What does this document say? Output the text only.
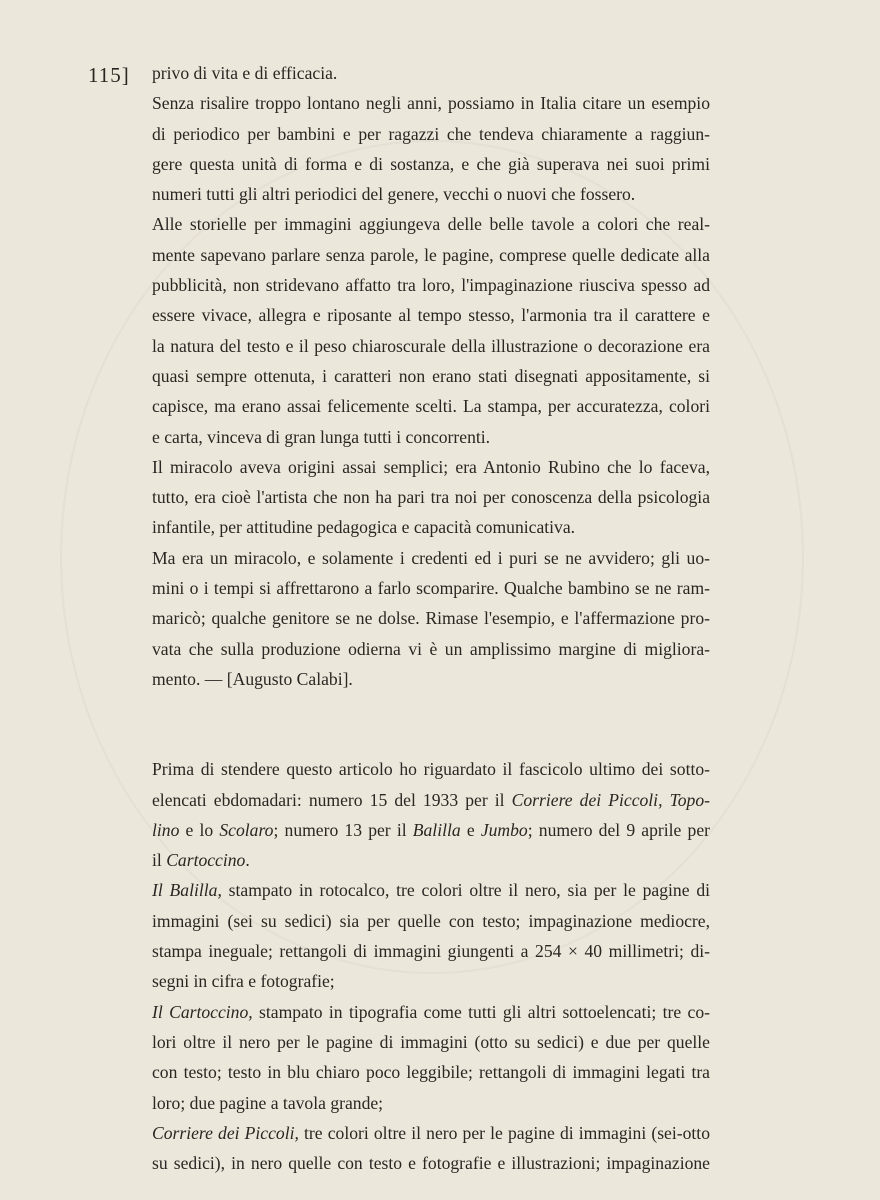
115] privo di vita e di efficacia.

Senza risalire troppo lontano negli anni, possiamo in Italia citare un esempio
di periodico per bambini e per ragazzi che tendeva chiaramente a raggiun-
gere questa unità di forma e di sostanza, e che già superava nei suoi primi
numeri tutti gli altri periodici del genere, vecchi o nuovi che fossero.

Alle storielle per immagini aggiungeva delle belle tavole a colori che real-
mente sapevano parlare senza parole, le pagine, comprese quelle dedicate alla
pubblicità, non stridevano affatto tra loro, l'impaginazione riusciva spesso ad
essere vivace, allegra e riposante al tempo stesso, l'armonia tra il carattere e
la natura del testo e il peso chiaroscurale della illustrazione o decorazione era
quasi sempre ottenuta, i caratteri non erano stati disegnati appositamente, si
capisce, ma erano assai felicemente scelti. La stampa, per accuratezza, colori
e carta, vinceva di gran lunga tutti i concorrenti.

Il miracolo aveva origini assai semplici; era Antonio Rubino che lo faceva,
tutto, era cioè l'artista che non ha pari tra noi per conoscenza della psicologia
infantile, per attitudine pedagogica e capacità comunicativa.

Ma era un miracolo, e solamente i credenti ed i puri se ne avvidero; gli uo-
mini o i tempi si affrettarono a farlo scomparire. Qualche bambino se ne ram-
maricò; qualche genitore se ne dolse. Rimase l'esempio, e l'affermazione pro-
vata che sulla produzione odierna vi è un amplissimo margine di migliora-
mento. — [Augusto Calabi].

Prima di stendere questo articolo ho riguardato il fascicolo ultimo dei sotto-
elencati ebdomadari: numero 15 del 1933 per il Corriere dei Piccoli, Topo-
lino e lo Scolaro; numero 13 per il Balilla e Jumbo; numero del 9 aprile per
il Cartoccino.

Il Balilla, stampato in rotocalco, tre colori oltre il nero, sia per le pagine di
immagini (sei su sedici) sia per quelle con testo; impaginazione mediocre,
stampa ineguale; rettangoli di immagini giungenti a 254 × 40 millimetri; di-
segni in cifra e fotografie;

Il Cartoccino, stampato in tipografia come tutti gli altri sottoelencati; tre co-
lori oltre il nero per le pagine di immagini (otto su sedici) e due per quelle
con testo; testo in blu chiaro poco leggibile; rettangoli di immagini legati tra
loro; due pagine a tavola grande;

Corriere dei Piccoli, tre colori oltre il nero per le pagine di immagini (sei-otto
su sedici), in nero quelle con testo e fotografie e illustrazioni; impaginazione
